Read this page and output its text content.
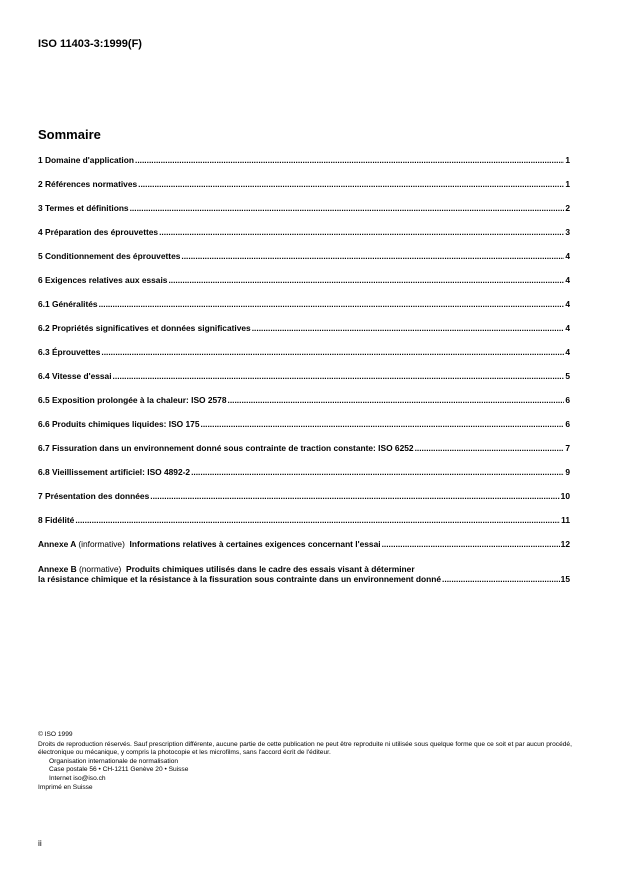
ISO 11403-3:1999(F)
Sommaire
1 Domaine d'application .....	1
2 Références normatives .....	1
3 Termes et définitions .....	2
4 Préparation des éprouvettes .....	3
5 Conditionnement des éprouvettes .....	4
6 Exigences relatives aux essais .....	4
6.1 Généralités .....	4
6.2 Propriétés significatives et données significatives .....	4
6.3 Éprouvettes .....	4
6.4 Vitesse d'essai .....	5
6.5 Exposition prolongée à la chaleur: ISO 2578 .....	6
6.6 Produits chimiques liquides: ISO 175 .....	6
6.7 Fissuration dans un environnement donné sous contrainte de traction constante: ISO 6252 .....	7
6.8 Vieillissement artificiel: ISO 4892-2 .....	9
7 Présentation des données .....	10
8 Fidélité .....	11
Annexe A (informative) Informations relatives à certaines exigences concernant l'essai .....	12
Annexe B (normative) Produits chimiques utilisés dans le cadre des essais visant à déterminer
la résistance chimique et la résistance à la fissuration sous contrainte dans un environnement donné .....	15
© ISO 1999
Droits de reproduction réservés. Sauf prescription différente, aucune partie de cette publication ne peut être reproduite ni utilisée sous quelque forme que ce soit et par aucun procédé, électronique ou mécanique, y compris la photocopie et les microfilms, sans l'accord écrit de l'éditeur.
Organisation internationale de normalisation
Case postale 56 • CH-1211 Genève 20 • Suisse
Internet iso@iso.ch
Imprimé en Suisse
ii
